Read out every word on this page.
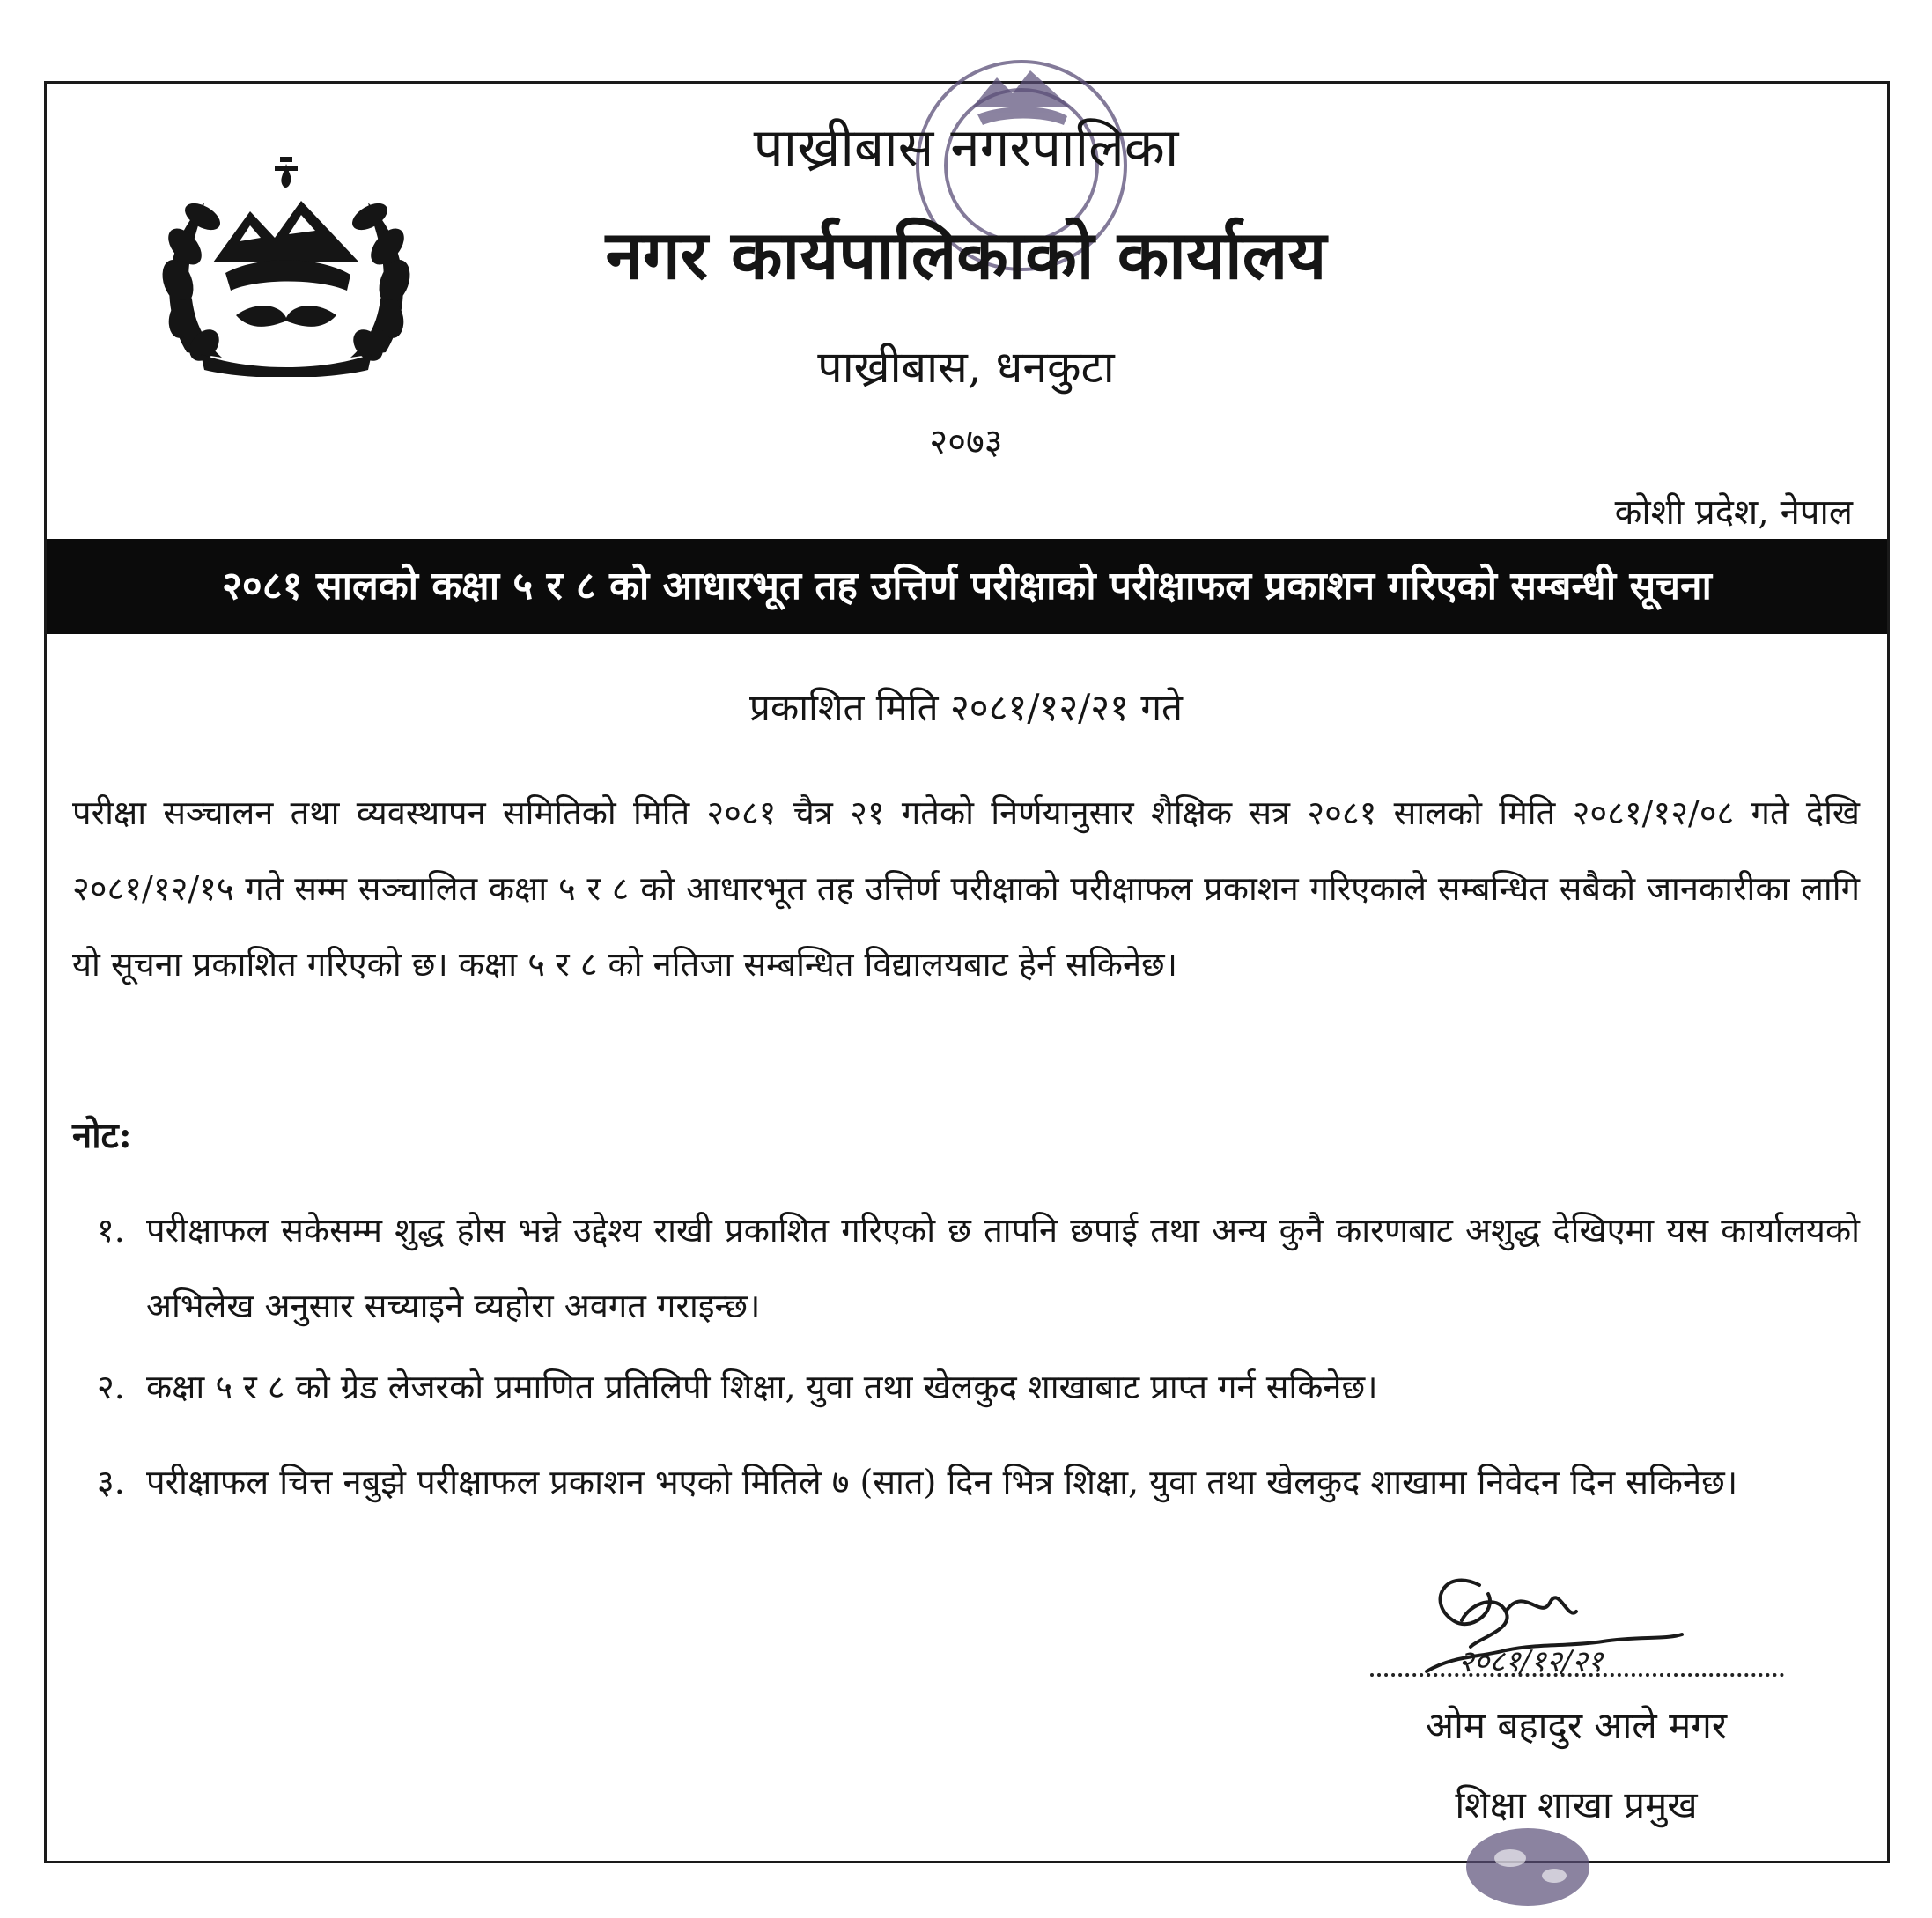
पाख्रीबास नगरपालिका
नगर कार्यपालिकाको कार्यालय
पाख्रीबास, धनकुटा
२०७३
कोशी प्रदेश, नेपाल
२०८१ सालको कक्षा ५ र ८ को आधारभूत तह उत्तिर्ण परीक्षाको परीक्षाफल प्रकाशन गरिएको सम्बन्धी सूचना
प्रकाशित मिति २०८१/१२/२१ गते
परीक्षा सञ्चालन तथा व्यवस्थापन समितिको मिति २०८१ चैत्र २१ गतेको निर्णयानुसार शैक्षिक सत्र २०८१ सालको मिति २०८१/१२/०८ गते देखि २०८१/१२/१५ गते सम्म सञ्चालित कक्षा ५ र ८ को आधारभूत तह उत्तिर्ण परीक्षाको परीक्षाफल प्रकाशन गरिएकाले सम्बन्धित सबैको जानकारीका लागि यो सूचना प्रकाशित गरिएको छ। कक्षा ५ र ८ को नतिजा सम्बन्धित विद्यालयबाट हेर्न सकिनेछ।
नोट:
१. परीक्षाफल सकेसम्म शुद्ध होस भन्ने उद्देश्य राखी प्रकाशित गरिएको छ तापनि छपाई तथा अन्य कुनै कारणबाट अशुद्ध देखिएमा यस कार्यालयको अभिलेख अनुसार सच्याइने व्यहोरा अवगत गराइन्छ।
२. कक्षा ५ र ८ को ग्रेड लेजरको प्रमाणित प्रतिलिपी शिक्षा, युवा तथा खेलकुद शाखाबाट प्राप्त गर्न सकिनेछ।
३. परीक्षाफल चित्त नबुझे परीक्षाफल प्रकाशन भएको मितिले ७ (सात) दिन भित्र शिक्षा, युवा तथा खेलकुद शाखामा निवेदन दिन सकिनेछ।
२०८१/१२/२१
ओम बहादुर आले मगर
शिक्षा शाखा प्रमुख
